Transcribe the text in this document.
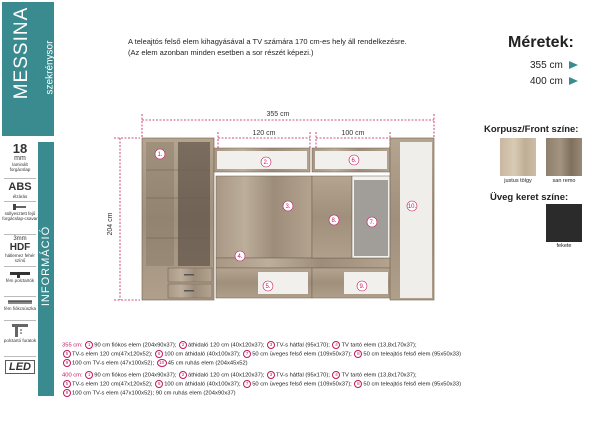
MESSINA szekrénysor
INFORMÁCIÓ
18
mm
laminált forgácslap
ABS
élzárás
süllyesztett fejű forgácslap-csavar
3mm
HDF
hátlemez fehér színű
fém polctartók
fém fiókcsúszka
polctartó furatok
LED
A teleajtós felső elem kihagyásával a TV számára 170 cm-es hely áll rendelkezésre.
(Az elem azonban minden esetben a sor részét képezi.)
Méretek:
355 cm
400 cm
Korpusz/Front színe:
justus tölgy	san remo
Üveg keret színe:
fekete
355 cm
120 cm	100 cm
204 cm
1.
2.
3.
4.
5.
6.
7.
8.
9.
10.
355 cm: 1 90 cm fiókos elem (204x90x37); 2 áthidaló 120 cm (40x120x37); 3 TV-s hátfal (95x170); 4 TV tartó elem (13,8x170x37);
5 TV-s elem 120 cm(47x120x52); 6 100 cm áthidaló (40x100x37); 7 50 cm üveges felső elem (109x50x37); 8 50 cm teleajtós felső elem (95x50x33)
9 100 cm TV-s elem (47x100x52); 10 45 cm ruhás elem (204x45x52)
400 cm: 1 90 cm fiókos elem (204x90x37); 2 áthidaló 120 cm (40x120x37); 3 TV-s hátfal (95x170); 4 TV tartó elem (13,8x170x37);
5 TV-s elem 120 cm(47x120x52); 6 100 cm áthidaló (40x100x37); 7 50 cm üveges felső elem (109x50x37); 8 50 cm teleajtós felső elem (95x50x33)
9 100 cm TV-s elem (47x100x52); 90 cm ruhás elem (204x90x37)
